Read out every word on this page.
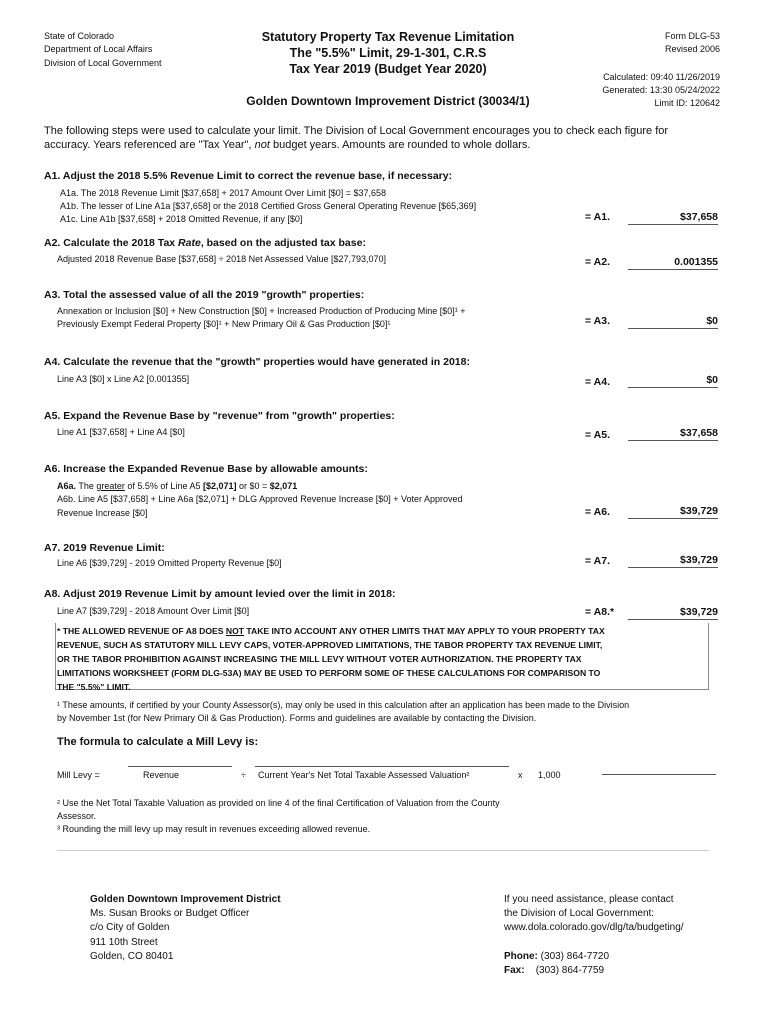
State of Colorado
Department of Local Affairs
Division of Local Government
Statutory Property Tax Revenue Limitation
The "5.5%" Limit, 29-1-301, C.R.S
Tax Year 2019 (Budget Year 2020)
Golden Downtown Improvement District (30034/1)
Form DLG-53
Revised 2006
Calculated: 09:40 11/26/2019
Generated: 13:30 05/24/2022
Limit ID: 120642
The following steps were used to calculate your limit. The Division of Local Government encourages you to check each figure for
accuracy. Years referenced are "Tax Year", not budget years. Amounts are rounded to whole dollars.
A1. Adjust the 2018 5.5% Revenue Limit to correct the revenue base, if necessary:
A1a. The 2018 Revenue Limit [$37,658] + 2017 Amount Over Limit [$0] = $37,658
A1b. The lesser of Line A1a [$37,658] or the 2018 Certified Gross General Operating Revenue [$65,369]
A1c. Line A1b [$37,658] + 2018 Omitted Revenue, if any [$0]	= A1.	$37,658
A2. Calculate the 2018 Tax Rate, based on the adjusted tax base:
Adjusted 2018 Revenue Base [$37,658] ÷ 2018 Net Assessed Value [$27,793,070]	= A2.	0.001355
A3. Total the assessed value of all the 2019 "growth" properties:
Annexation or Inclusion [$0] + New Construction [$0] + Increased Production of Producing Mine [$0]¹ +
Previously Exempt Federal Property [$0]¹ + New Primary Oil & Gas Production [$0]¹	= A3.	$0
A4. Calculate the revenue that the "growth" properties would have generated in 2018:
Line A3 [$0] x Line A2 [0.001355]	= A4.	$0
A5. Expand the Revenue Base by "revenue" from "growth" properties:
Line A1 [$37,658] + Line A4 [$0]	= A5.	$37,658
A6. Increase the Expanded Revenue Base by allowable amounts:
A6a. The greater of 5.5% of Line A5 [$2,071] or $0 = $2,071
A6b. Line A5 [$37,658] + Line A6a [$2,071] + DLG Approved Revenue Increase [$0] + Voter Approved
Revenue Increase [$0]	= A6.	$39,729
A7. 2019 Revenue Limit:
Line A6 [$39,729] - 2019 Omitted Property Revenue [$0]	= A7.	$39,729
A8. Adjust 2019 Revenue Limit by amount levied over the limit in 2018:
Line A7 [$39,729] - 2018 Amount Over Limit [$0]	= A8.*	$39,729
* THE ALLOWED REVENUE OF A8 DOES NOT TAKE INTO ACCOUNT ANY OTHER LIMITS THAT MAY APPLY TO YOUR PROPERTY TAX
REVENUE, SUCH AS STATUTORY MILL LEVY CAPS, VOTER-APPROVED LIMITATIONS, THE TABOR PROPERTY TAX REVENUE LIMIT,
OR THE TABOR PROHIBITION AGAINST INCREASING THE MILL LEVY WITHOUT VOTER AUTHORIZATION. THE PROPERTY TAX
LIMITATIONS WORKSHEET (FORM DLG-53A) MAY BE USED TO PERFORM SOME OF THESE CALCULATIONS FOR COMPARISON TO
THE "5.5%" LIMIT.
¹ These amounts, if certified by your County Assessor(s), may only be used in this calculation after an application has been made to the Division
by November 1st (for New Primary Oil & Gas Production). Forms and guidelines are available by contacting the Division.
The formula to calculate a Mill Levy is:
Mill Levy =	Revenue	÷ Current Year's Net Total Taxable Assessed Valuation²	x 1,000
² Use the Net Total Taxable Valuation as provided on line 4 of the final Certification of Valuation from the County
Assessor.
³ Rounding the mill levy up may result in revenues exceeding allowed revenue.
Golden Downtown Improvement District
Ms. Susan Brooks or Budget Officer
c/o City of Golden
911 10th Street
Golden, CO 80401
If you need assistance, please contact
the Division of Local Government:
www.dola.colorado.gov/dlg/ta/budgeting/
Phone: (303) 864-7720
Fax: (303) 864-7759
